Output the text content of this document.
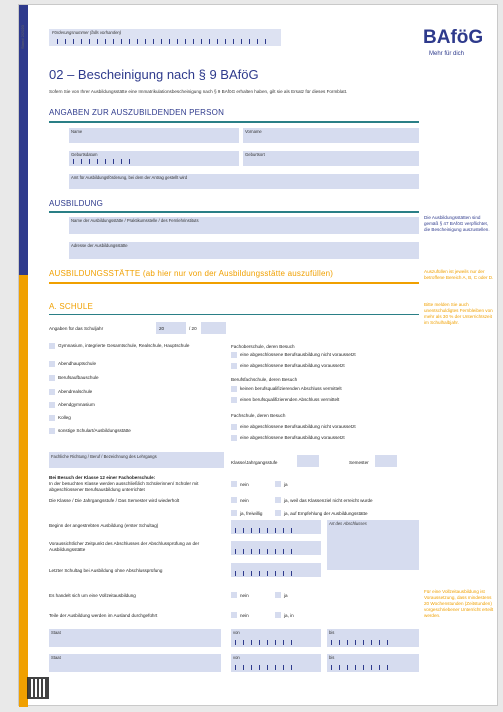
Stand 2/2020	Förderungsnummer (falls vorhanden)	BAföG
Mehr für dich
02 – Bescheinigung nach § 9 BAföG
Sofern Sie von Ihrer Ausbildungsstätte eine Immatrikulationsbescheinigung nach § 9 BAföG erhalten haben, gilt sie als Ersatz für dieses Formblatt.
ANGABEN ZUR AUSZUBILDENDEN PERSON
Name	Vorname
Geburtsdatum	Geburtsort
Amt für Ausbildungsförderung, bei dem der Antrag gestellt wird
AUSBILDUNG
Name der Ausbildungsstätte / Praktikumsstelle / des Fernlehrinstituts
Adresse der Ausbildungsstätte
Die Ausbildungsstätten sind gemäß § 47 BAföG verpflichtet, die Bescheinigung auszustellen.
AUSBILDUNGSSTÄTTE (ab hier nur von der Ausbildungsstätte auszufüllen)	Auszufüllen ist jeweils nur der betroffene Bereich A, B, C oder D.
A. SCHULE	Bitte melden Sie auch unentschuldigtes Fernbleiben von mehr als 30 % der Unterrichtszeit im Schulhalbjahr.
Angaben für das Schuljahr	20	/ 20
Gymnasium, integrierte Gesamtschule, Realschule, Hauptschule
Abendhauptschule
Berufsaufbauschule
Abendrealschule
Abendgymnasium
Kolleg
sonstige Schulart/Ausbildungsstätte
Fachoberschule, deren Besuch
eine abgeschlossene Berufsausbildung nicht voraussetzt
eine abgeschlossene Berufsausbildung voraussetzt
Berufsfachschule, deren Besuch
keinen berufsqualifizierenden Abschluss vermittelt
einen berufsqualifizierenden Abschluss vermittelt
Fachschule, deren Besuch
eine abgeschlossene Berufsausbildung nicht voraussetzt
eine abgeschlossene Berufsausbildung voraussetzt
Fachliche Richtung / Beruf / Bezeichnung des Lehrgangs
Klasse/Jahrgangsstufe	Semester
Bei Besuch der Klasse 12 einer Fachoberschule:
In der besuchten Klasse werden ausschließlich Schülerinnen/ Schüler mit abgeschlossener Berufsausbildung unterrichtet
nein	ja
Die Klasse / Die Jahrgangsstufe / Das Semester wird wiederholt	nein	ja, weil das Klassenziel nicht erreicht wurde
ja, freiwillig	ja, auf Empfehlung der Ausbildungsstätte
Beginn der angestrebten Ausbildung (erster Schultag)	Art des Abschlusses
Voraussichtlicher Zeitpunkt des Abschlusses der Abschlussprüfung an der Ausbildungsstätte
Letzter Schultag bei Ausbildung ohne Abschlussprüfung
Es handelt sich um eine Vollzeitausbildung	nein	ja
Für eine Vollzeitausbildung ist Voraussetzung, dass mindestens 20 Wochenstunden (Zeitstunden) vorgeschriebener Unterricht erteilt werden.
Teile der Ausbildung werden im Ausland durchgeführt	nein	ja, in
Staat	von	bis
Staat	von	bis
